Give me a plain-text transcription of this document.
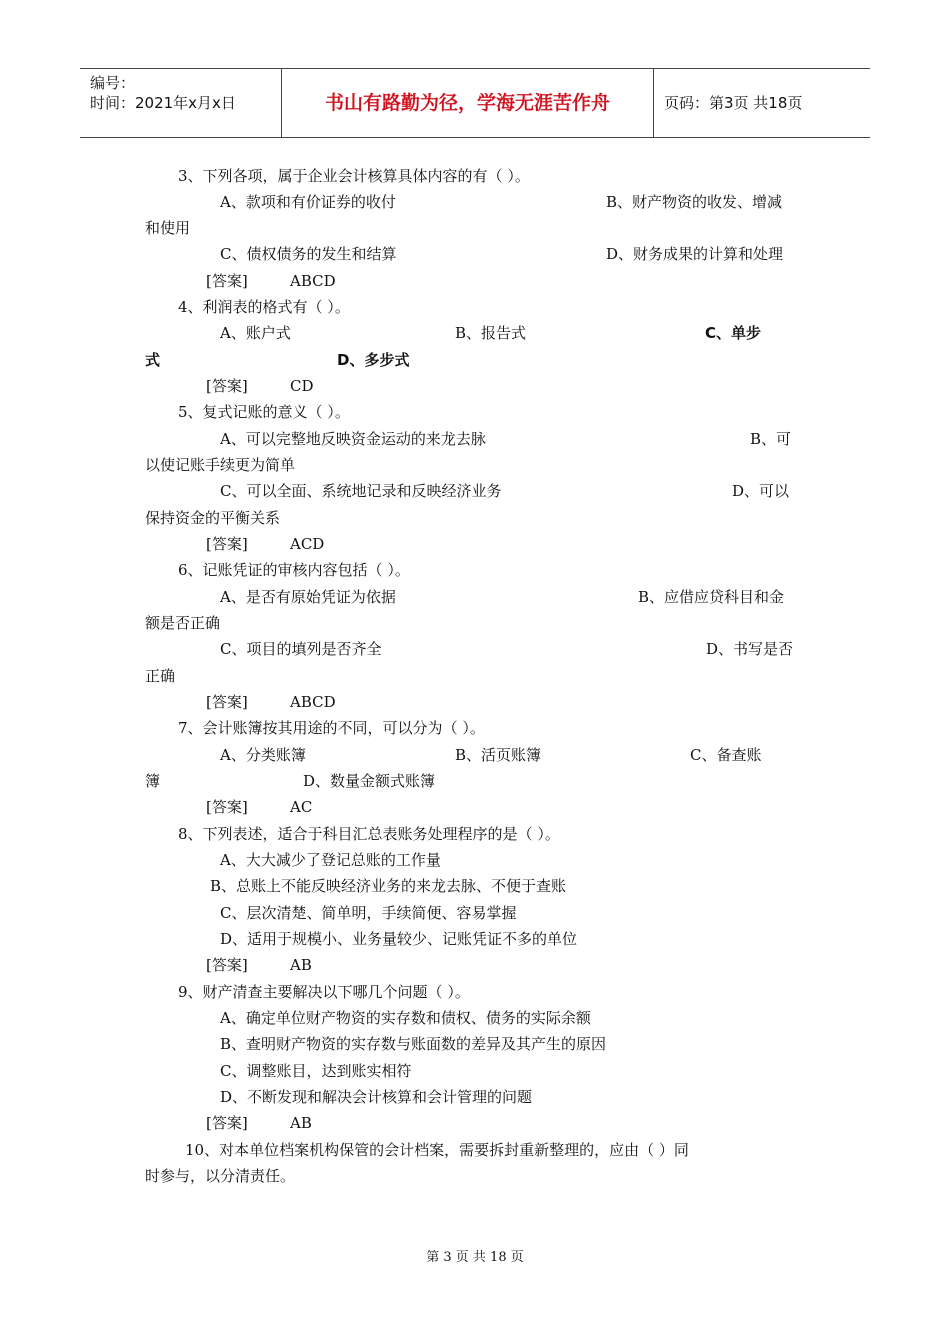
编号：
时间：2021年x月x日	书山有路勤为径，学海无涯苦作舟	页码：第3页 共18页
3、下列各项，属于企业会计核算具体内容的有（ ）。
A、款项和有价证券的收付	B、财产物资的收发、增减
和使用
C、债权债务的发生和结算	D、财务成果的计算和处理
[答案]	ABCD
4、利润表的格式有（ ）。
A、账户式	B、报告式	C、单步
式	D、多步式
[答案]	CD
5、复式记账的意义（ ）。
A、可以完整地反映资金运动的来龙去脉	B、可
以使记账手续更为简单
C、可以全面、系统地记录和反映经济业务	D、可以
保持资金的平衡关系
[答案]	ACD
6、记账凭证的审核内容包括（ ）。
A、是否有原始凭证为依据	B、应借应贷科目和金
额是否正确
C、项目的填列是否齐全	D、书写是否
正确
[答案]	ABCD
7、会计账簿按其用途的不同，可以分为（ ）。
A、分类账簿	B、活页账簿	C、备查账
簿	D、数量金额式账簿
[答案]	AC
8、下列表述，适合于科目汇总表账务处理程序的是（ ）。
A、大大减少了登记总账的工作量
B、总账上不能反映经济业务的来龙去脉、不便于查账
C、层次清楚、简单明，手续简便、容易掌握
D、适用于规模小、业务量较少、记账凭证不多的单位
[答案]	AB
9、财产清查主要解决以下哪几个问题（ ）。
A、确定单位财产物资的实存数和债权、债务的实际余额
B、查明财产物资的实存数与账面数的差异及其产生的原因
C、调整账目，达到账实相符
D、不断发现和解决会计核算和会计管理的问题
[答案]	AB
10、对本单位档案机构保管的会计档案，需要拆封重新整理的，应由（ ）同
时参与，以分清责任。
第 3 页 共 18 页
